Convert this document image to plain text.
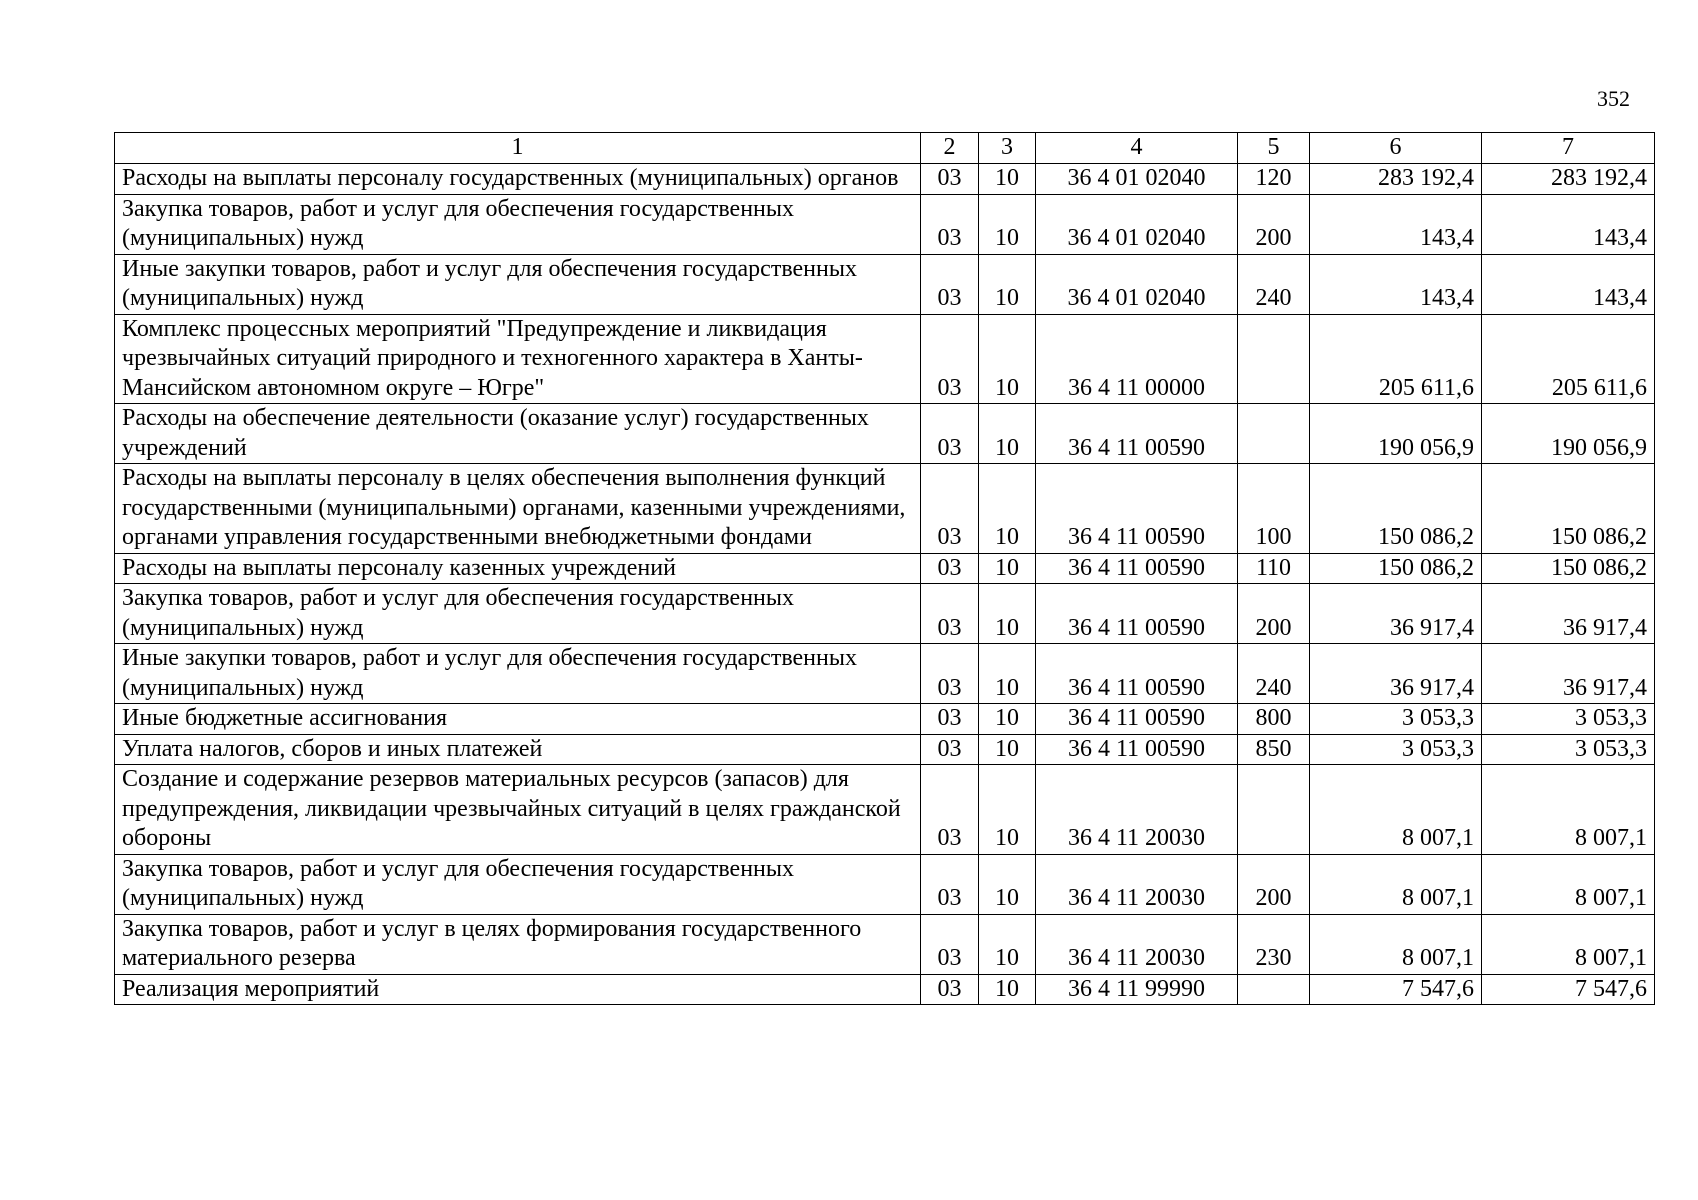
352
1	2	3	4	5	6	7
Расходы на выплаты персоналу государственных (муниципальных) органов	03	10	36 4 01 02040	120	283 192,4	283 192,4
Закупка товаров, работ и услуг для обеспечения государственных (муниципальных) нужд	03	10	36 4 01 02040	200	143,4	143,4
Иные закупки товаров, работ и услуг для обеспечения государственных (муниципальных) нужд	03	10	36 4 01 02040	240	143,4	143,4
Комплекс процессных мероприятий "Предупреждение и ликвидация чрезвычайных ситуаций природного и техногенного характера в Ханты-Мансийском автономном округе – Югре"	03	10	36 4 11 00000		205 611,6	205 611,6
Расходы на обеспечение деятельности (оказание услуг) государственных учреждений	03	10	36 4 11 00590		190 056,9	190 056,9
Расходы на выплаты персоналу в целях обеспечения выполнения функций государственными (муниципальными) органами, казенными учреждениями, органами управления государственными внебюджетными фондами	03	10	36 4 11 00590	100	150 086,2	150 086,2
Расходы на выплаты персоналу казенных учреждений	03	10	36 4 11 00590	110	150 086,2	150 086,2
Закупка товаров, работ и услуг для обеспечения государственных (муниципальных) нужд	03	10	36 4 11 00590	200	36 917,4	36 917,4
Иные закупки товаров, работ и услуг для обеспечения государственных (муниципальных) нужд	03	10	36 4 11 00590	240	36 917,4	36 917,4
Иные бюджетные ассигнования	03	10	36 4 11 00590	800	3 053,3	3 053,3
Уплата налогов, сборов и иных платежей	03	10	36 4 11 00590	850	3 053,3	3 053,3
Создание и содержание резервов материальных ресурсов (запасов) для предупреждения, ликвидации чрезвычайных ситуаций в целях гражданской обороны	03	10	36 4 11 20030		8 007,1	8 007,1
Закупка товаров, работ и услуг для обеспечения государственных (муниципальных) нужд	03	10	36 4 11 20030	200	8 007,1	8 007,1
Закупка товаров, работ и услуг в целях формирования государственного материального резерва	03	10	36 4 11 20030	230	8 007,1	8 007,1
Реализация мероприятий	03	10	36 4 11 99990		7 547,6	7 547,6
